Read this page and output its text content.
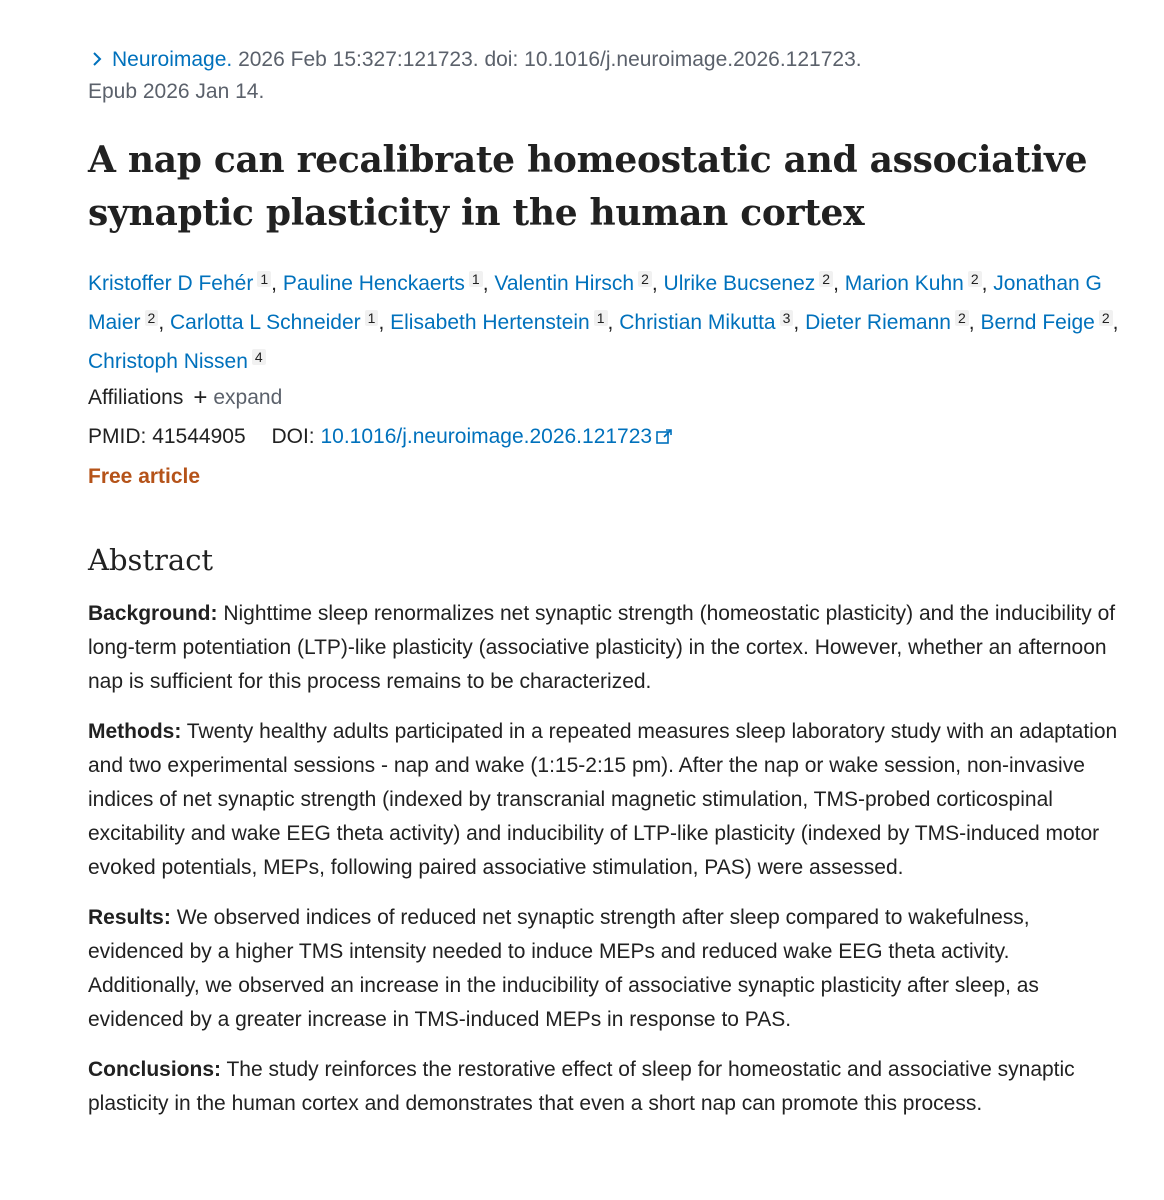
Neuroimage. 2026 Feb 15:327:121723. doi: 10.1016/j.neuroimage.2026.121723.
Epub 2026 Jan 14.
A nap can recalibrate homeostatic and associative synaptic plasticity in the human cortex
Kristoffer D Fehér $^1$ , Pauline Henckaerts $^1$ , Valentin Hirsch $^2$ , Ulrike Bucsenez $^2$ , Marion Kuhn $^2$ , Jonathan G Maier $^2$ , Carlotta L Schneider $^1$ , Elisabeth Hertenstein $^1$ , Christian Mikutta $^3$ , Dieter Riemann $^2$ , Bernd Feige $^2$ , Christoph Nissen $^4$
Affiliations + expand
PMID: 41544905 DOI: 10.1016/j.neuroimage.2026.121723
Free article
Abstract

Background: Nighttime sleep renormalizes net synaptic strength (homeostatic plasticity) and the inducibility of long-term potentiation (LTP)-like plasticity (associative plasticity) in the cortex. However, whether an afternoon nap is sufficient for this process remains to be characterized.

Methods: Twenty healthy adults participated in a repeated measures sleep laboratory study with an adaptation and two experimental sessions - nap and wake (1:15-2:15 pm). After the nap or wake session, non-invasive indices of net synaptic strength (indexed by transcranial magnetic stimulation, TMS-probed corticospinal excitability and wake EEG theta activity) and inducibility of LTP-like plasticity (indexed by TMS-induced motor evoked potentials, MEPs, following paired associative stimulation, PAS) were assessed.

Results: We observed indices of reduced net synaptic strength after sleep compared to wakefulness, evidenced by a higher TMS intensity needed to induce MEPs and reduced wake EEG theta activity. Additionally, we observed an increase in the inducibility of associative synaptic plasticity after sleep, as evidenced by a greater increase in TMS-induced MEPs in response to PAS.

Conclusions: The study reinforces the restorative effect of sleep for homeostatic and associative synaptic plasticity in the human cortex and demonstrates that even a short nap can promote this process.
